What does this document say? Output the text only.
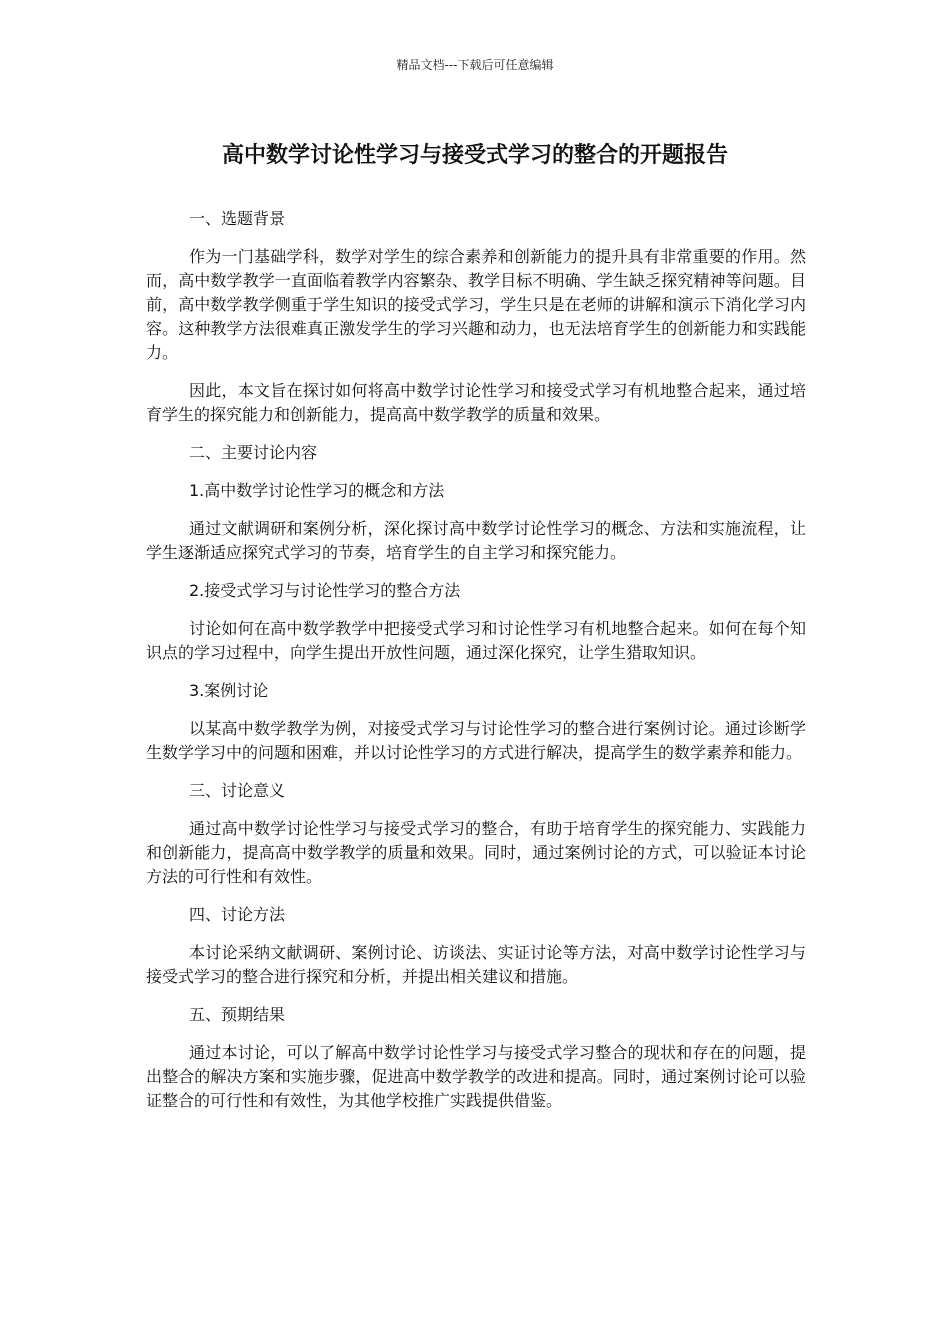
精品文档---下载后可任意编辑
高中数学讨论性学习与接受式学习的整合的开题报告

一、选题背景

作为一门基础学科，数学对学生的综合素养和创新能力的提升具有非常重要的作用。然而，高中数学教学一直面临着教学内容繁杂、教学目标不明确、学生缺乏探究精神等问题。目前，高中数学教学侧重于学生知识的接受式学习，学生只是在老师的讲解和演示下消化学习内容。这种教学方法很难真正激发学生的学习兴趣和动力，也无法培育学生的创新能力和实践能力。

因此，本文旨在探讨如何将高中数学讨论性学习和接受式学习有机地整合起来，通过培育学生的探究能力和创新能力，提高高中数学教学的质量和效果。

二、主要讨论内容

1.高中数学讨论性学习的概念和方法

通过文献调研和案例分析，深化探讨高中数学讨论性学习的概念、方法和实施流程，让学生逐渐适应探究式学习的节奏，培育学生的自主学习和探究能力。

2.接受式学习与讨论性学习的整合方法

讨论如何在高中数学教学中把接受式学习和讨论性学习有机地整合起来。如何在每个知识点的学习过程中，向学生提出开放性问题，通过深化探究，让学生猎取知识。

3.案例讨论

以某高中数学教学为例，对接受式学习与讨论性学习的整合进行案例讨论。通过诊断学生数学学习中的问题和困难，并以讨论性学习的方式进行解决，提高学生的数学素养和能力。

三、讨论意义

通过高中数学讨论性学习与接受式学习的整合，有助于培育学生的探究能力、实践能力和创新能力，提高高中数学教学的质量和效果。同时，通过案例讨论的方式，可以验证本讨论方法的可行性和有效性。

四、讨论方法

本讨论采纳文献调研、案例讨论、访谈法、实证讨论等方法，对高中数学讨论性学习与接受式学习的整合进行探究和分析，并提出相关建议和措施。

五、预期结果

通过本讨论，可以了解高中数学讨论性学习与接受式学习整合的现状和存在的问题，提出整合的解决方案和实施步骤，促进高中数学教学的改进和提高。同时，通过案例讨论可以验证整合的可行性和有效性，为其他学校推广实践提供借鉴。
